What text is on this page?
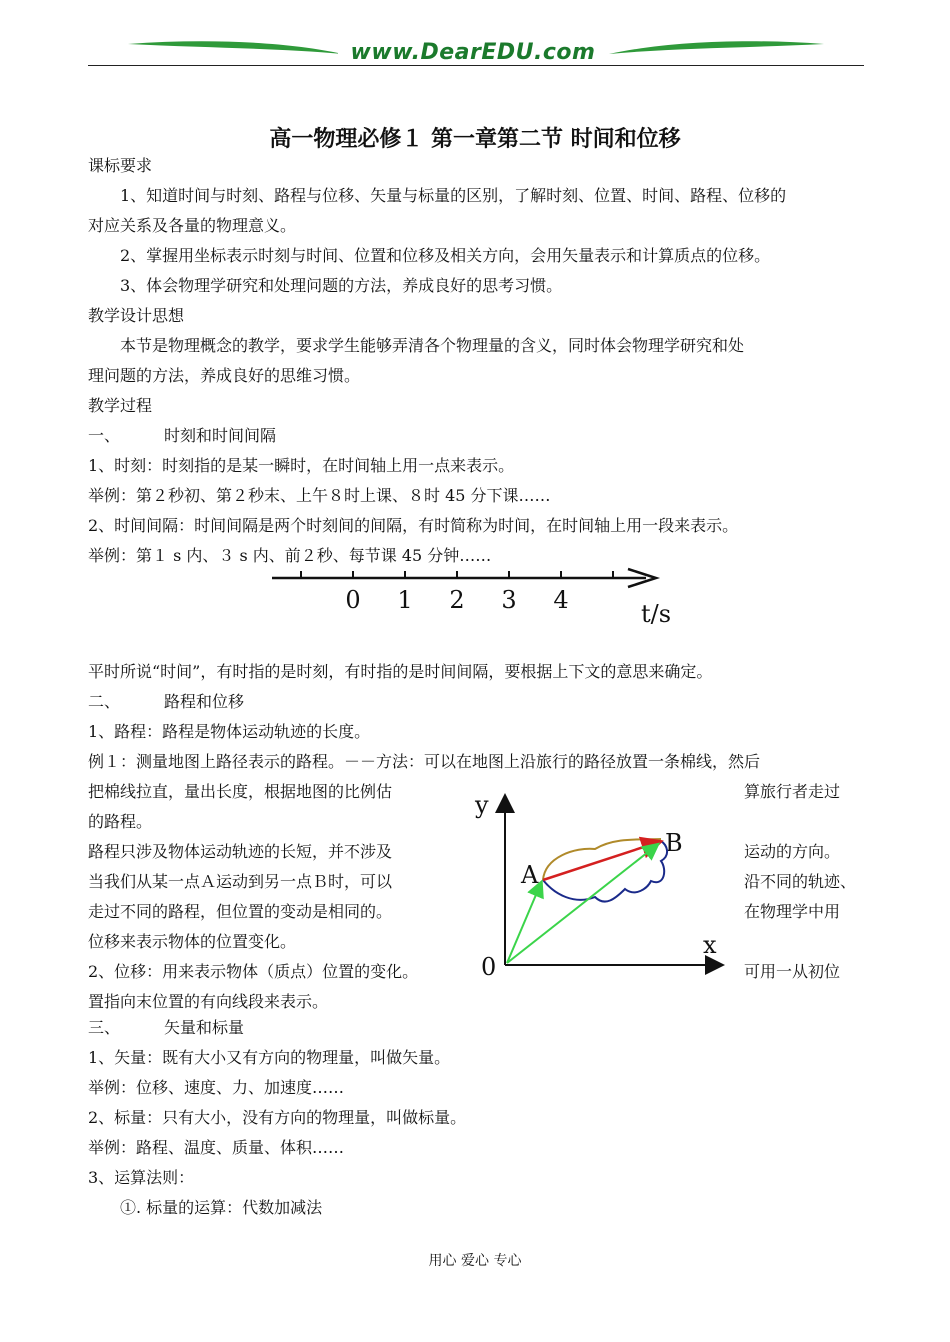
www.DearEDU.com
高一物理必修１ 第一章第二节 时间和位移
课标要求
1、知道时间与时刻、路程与位移、矢量与标量的区别，了解时刻、位置、时间、路程、位移的
对应关系及各量的物理意义。
2、掌握用坐标表示时刻与时间、位置和位移及相关方向，会用矢量表示和计算质点的位移。
3、体会物理学研究和处理问题的方法，养成良好的思考习惯。
教学设计思想
本节是物理概念的教学，要求学生能够弄清各个物理量的含义，同时体会物理学研究和处
理问题的方法，养成良好的思维习惯。
教学过程
一、	时刻和时间间隔
1、时刻：时刻指的是某一瞬时，在时间轴上用一点来表示。
举例：第２秒初、第２秒末、上午８时上课、８时 45 分下课……
2、时间间隔：时间间隔是两个时刻间的间隔，有时简称为时间，在时间轴上用一段来表示。
举例：第１ s 内、３ s 内、前２秒、每节课 45 分钟……
0 1 2 3 4	t/s
平时所说“时间”，有时指的是时刻，有时指的是时间间隔，要根据上下文的意思来确定。
二、	路程和位移
1、路程：路程是物体运动轨迹的长度。
例１：测量地图上路径表示的路程。－－方法：可以在地图上沿旅行的路径放置一条棉线，然后
把棉线拉直，量出长度，根据地图的比例估	算旅行者走过
的路程。
路程只涉及物体运动轨迹的长短，并不涉及	运动的方向。
当我们从某一点Ａ运动到另一点Ｂ时，可以	沿不同的轨迹、
走过不同的路程，但位置的变动是相同的。	在物理学中用
位移来表示物体的位置变化。
2、位移：用来表示物体（质点）位置的变化。	可用一从初位
置指向末位置的有向线段来表示。
y
x
0
A
B
三、	矢量和标量
1、矢量：既有大小又有方向的物理量，叫做矢量。
举例：位移、速度、力、加速度……
2、标量：只有大小，没有方向的物理量，叫做标量。
举例：路程、温度、质量、体积……
3、运算法则：
①. 标量的运算：代数加减法
用心 爱心 专心
